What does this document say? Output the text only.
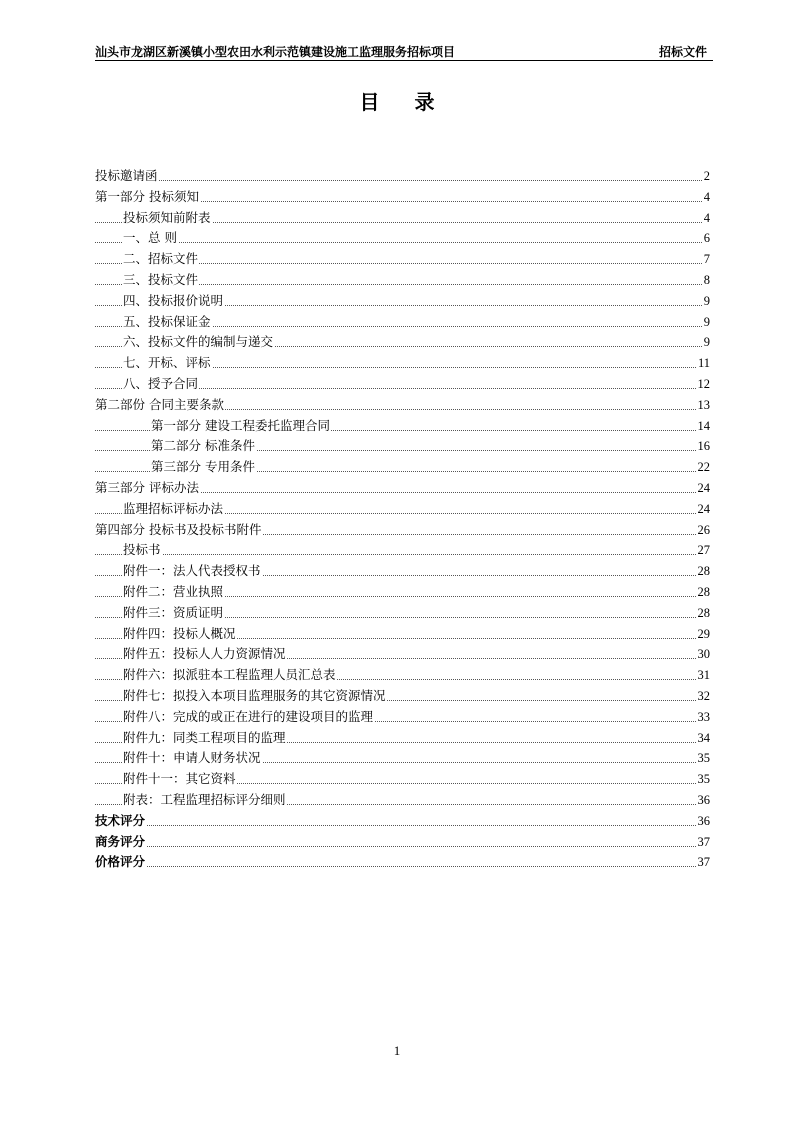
汕头市龙湖区新溪镇小型农田水利示范镇建设施工监理服务招标项目	招标文件
目 录
投标邀请函	2
第一部分 投标须知	4
投标须知前附表	4
一、总 则	6
二、招标文件	7
三、投标文件	8
四、投标报价说明	9
五、投标保证金	9
六、投标文件的编制与递交	9
七、开标、评标	11
八、授予合同	12
第二部份 合同主要条款	13
第一部分 建设工程委托监理合同	14
第二部分 标准条件	16
第三部分 专用条件	22
第三部分 评标办法	24
监理招标评标办法	24
第四部分 投标书及投标书附件	26
投标书	27
附件一：法人代表授权书	28
附件二：营业执照	28
附件三：资质证明	28
附件四：投标人概况	29
附件五：投标人人力资源情况	30
附件六：拟派驻本工程监理人员汇总表	31
附件七：拟投入本项目监理服务的其它资源情况	32
附件八：完成的或正在进行的建设项目的监理	33
附件九：同类工程项目的监理	34
附件十：申请人财务状况	35
附件十一：其它资料	35
附表：工程监理招标评分细则	36
技术评分	36
商务评分	37
价格评分	37
1
